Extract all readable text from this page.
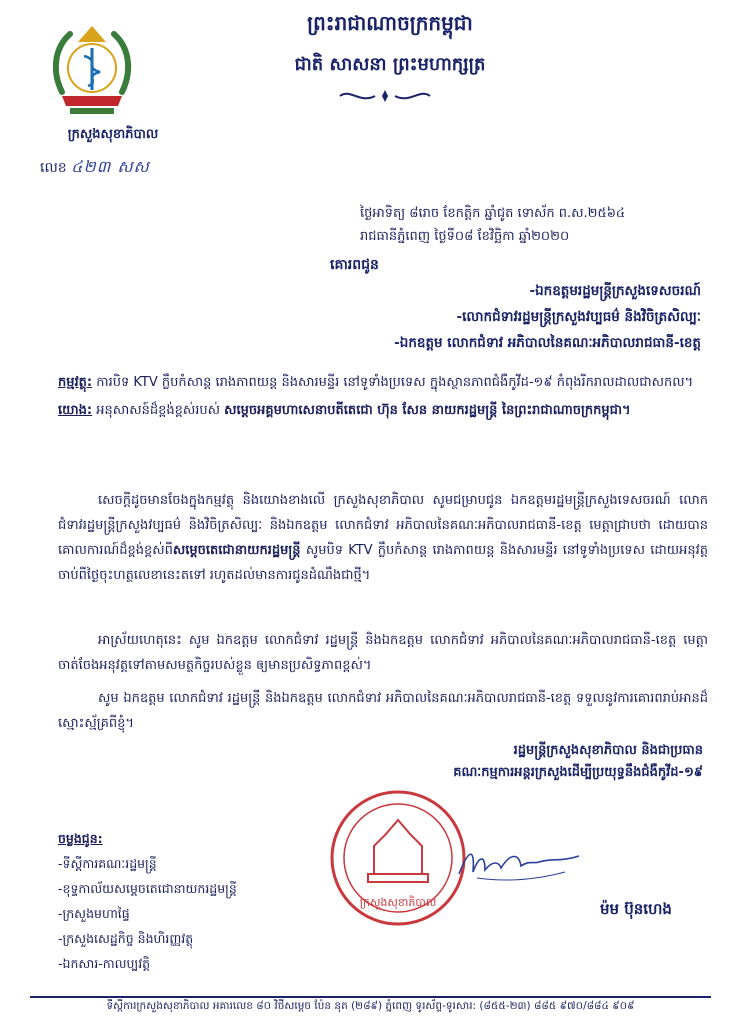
ព្រះរាជាណាចក្រកម្ពុជា
ជាតិ សាសនា ព្រះមហាក្សត្រ
ក្រសួងសុខាភិបាល
លេខ ៤២៣ សស
ថ្ងៃអាទិត្យ ៨រោច ខែកត្តិក ឆ្នាំជូត ទោស័ក ព.ស.២៥៦៤
រាជធានីភ្នំពេញ ថ្ងៃទី០៨ ខែវិច្ឆិកា ឆ្នាំ២០២០
គោរពជូន
-ឯកឧត្តមរដ្ឋមន្ត្រីក្រសួងទេសចរណ៍
-លោកជំទាវរដ្ឋមន្ត្រីក្រសួងវប្បធម៌ និងវិចិត្រសិល្បៈ
-ឯកឧត្តម លោកជំទាវ អភិបាលនៃគណៈអភិបាលរាជធានី-ខេត្ត

កម្មវត្ថុ: ការបិទ KTV ក្លឹបកំសាន្ត រោងភាពយន្ត និងសារមន្ទីរ នៅទូទាំងប្រទេស ក្នុងស្ថានភាពជំងឺកូវីដ-១៩ កំពុងរីករាលដាលជាសកល។

យោង: អនុសាសន៍ដ៏ខ្ពង់ខ្ពស់របស់ សម្តេចអគ្គមហាសេនាបតីតេជោ ហ៊ុន សែន នាយករដ្ឋមន្ត្រី នៃព្រះរាជាណាចក្រកម្ពុជា។

សេចក្តីដូចមានចែងក្នុងកម្មវត្ថុ និងយោងខាងលើ ក្រសួងសុខាភិបាល សូមជម្រាបជូន ឯកឧត្តមរដ្ឋមន្ត្រីក្រសួងទេសចរណ៍ លោកជំទាវរដ្ឋមន្ត្រីក្រសួងវប្បធម៌ និងវិចិត្រសិល្បៈ និងឯកឧត្តម លោកជំទាវ អភិបាលនៃគណៈអភិបាលរាជធានី-ខេត្ត មេត្តាជ្រាបថា ដោយបានគោលការណ៍ដ៏ខ្ពង់ខ្ពស់ពីសម្តេចតេជោនាយករដ្ឋមន្ត្រី សូមបិទ KTV ក្លឹបកំសាន្ត រោងភាពយន្ត និងសារមន្ទីរ នៅទូទាំងប្រទេស ដោយអនុវត្តចាប់ពីថ្ងៃចុះហត្ថលេខានេះតទៅ រហូតដល់មានការជូនដំណឹងជាថ្មី។
អាស្រ័យហេតុនេះ សូម ឯកឧត្តម លោកជំទាវ រដ្ឋមន្ត្រី និងឯកឧត្តម លោកជំទាវ អភិបាលនៃគណៈអភិបាលរាជធានី-ខេត្ត មេត្តាចាត់ចែងអនុវត្តទៅតាមសមត្ថកិច្ចរបស់ខ្លួន ឲ្យមានប្រសិទ្ធភាពខ្ពស់។
សូម ឯកឧត្តម លោកជំទាវ រដ្ឋមន្ត្រី និងឯកឧត្តម លោកជំទាវ អភិបាលនៃគណៈអភិបាលរាជធានី-ខេត្ត ទទួលនូវការគោរពរាប់អានដ៏ស្មោះស្ម័គ្រពីខ្ញុំ។
រដ្ឋមន្ត្រីក្រសួងសុខាភិបាល និងជាប្រធាន
គណៈកម្មការអន្តរក្រសួងដើម្បីប្រយុទ្ធនឹងជំងឺកូវីដ-១៩
ក្រសួងសុខាភិបាល	ម៉ម ប៊ុនហេង
ចម្លងជូន:
-ទីស្តីការគណៈរដ្ឋមន្ត្រី
-ខុទ្ទកាល័យសម្តេចតេជោនាយករដ្ឋមន្ត្រី
-ក្រសួងមហាផ្ទៃ
-ក្រសួងសេដ្ឋកិច្ច និងហិរញ្ញវត្ថុ
-ឯកសារ-កាលប្បវត្តិ
ទីស្តីការក្រសួងសុខាភិបាល អគារលេខ ៨០ វិថីសម្តេច ប៉ែន នុត (២៨៩) ភ្នំពេញ ទូរស័ព្ទ-ទូរសារ: (៨៥៥-២៣) ៨៨៥ ៩៧០/៨៨៤ ៩០៩
